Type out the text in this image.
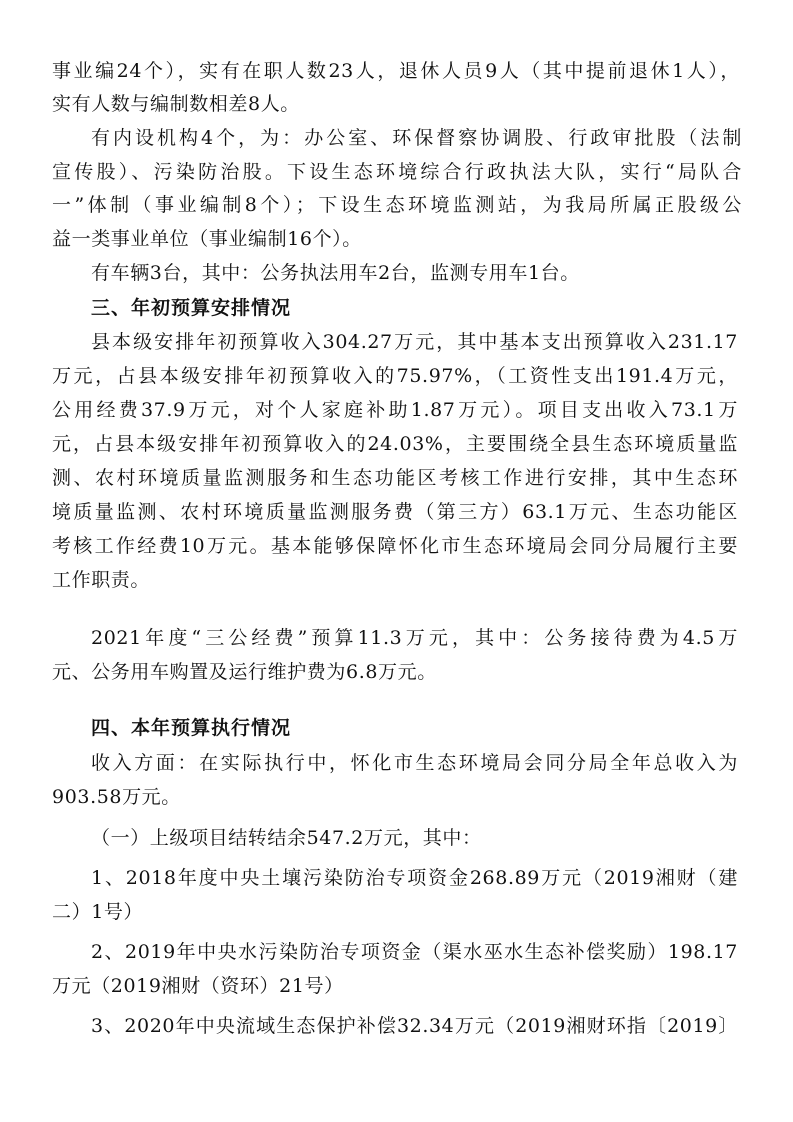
事业编24个），实有在职人数23人，退休人员9人（其中提前退休1人），
实有人数与编制数相差8人。
有内设机构4个，为：办公室、环保督察协调股、行政审批股（法制
宣传股）、污染防治股。下设生态环境综合行政执法大队，实行“局队合
一”体制（事业编制8个）；下设生态环境监测站，为我局所属正股级公
益一类事业单位（事业编制16个）。
有车辆3台，其中：公务执法用车2台，监测专用车1台。
三、年初预算安排情况
县本级安排年初预算收入304.27万元，其中基本支出预算收入231.17
万元，占县本级安排年初预算收入的75.97%，（工资性支出191.4万元，
公用经费37.9万元，对个人家庭补助1.87万元）。项目支出收入73.1万
元，占县本级安排年初预算收入的24.03%，主要围绕全县生态环境质量监
测、农村环境质量监测服务和生态功能区考核工作进行安排，其中生态环
境质量监测、农村环境质量监测服务费（第三方）63.1万元、生态功能区
考核工作经费10万元。基本能够保障怀化市生态环境局会同分局履行主要
工作职责。
2021年度“三公经费”预算11.3万元，其中：公务接待费为4.5万
元、公务用车购置及运行维护费为6.8万元。
四、本年预算执行情况
收入方面：在实际执行中，怀化市生态环境局会同分局全年总收入为
903.58万元。
（一）上级项目结转结余547.2万元，其中：
1、2018年度中央土壤污染防治专项资金268.89万元（2019湘财（建
二）1号）
2、2019年中央水污染防治专项资金（渠水巫水生态补偿奖励）198.17
万元（2019湘财（资环）21号）
3、2020年中央流域生态保护补偿32.34万元（2019湘财环指〔2019〕
